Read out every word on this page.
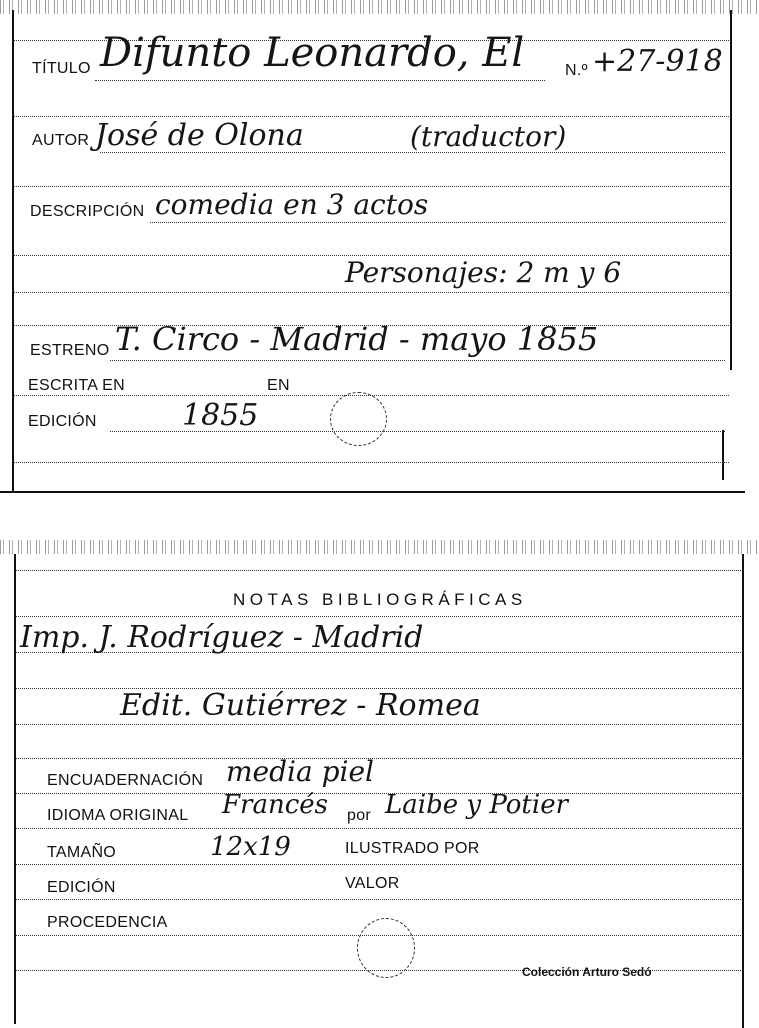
TÍTULO Difunto Leonardo, El	N.º +27-918
AUTOR José de Olona	(traductor)
DESCRIPCIÓN comedia en 3 actos
Personajes: 2 m y 6
ESTRENO T. Circo - Madrid - mayo 1855
ESCRITA EN	EN
EDICIÓN	1855
NOTAS BIBLIOGRÁFICAS
Imp. J. Rodríguez - Madrid
Edit. Gutiérrez - Romea
ENCUADERNACIÓN media piel
IDIOMA ORIGINAL Francés por Laibe y Potier
TAMAÑO	12x19	ILUSTRADO POR
EDICIÓN	VALOR
PROCEDENCIA
Colección Arturo Sedó
